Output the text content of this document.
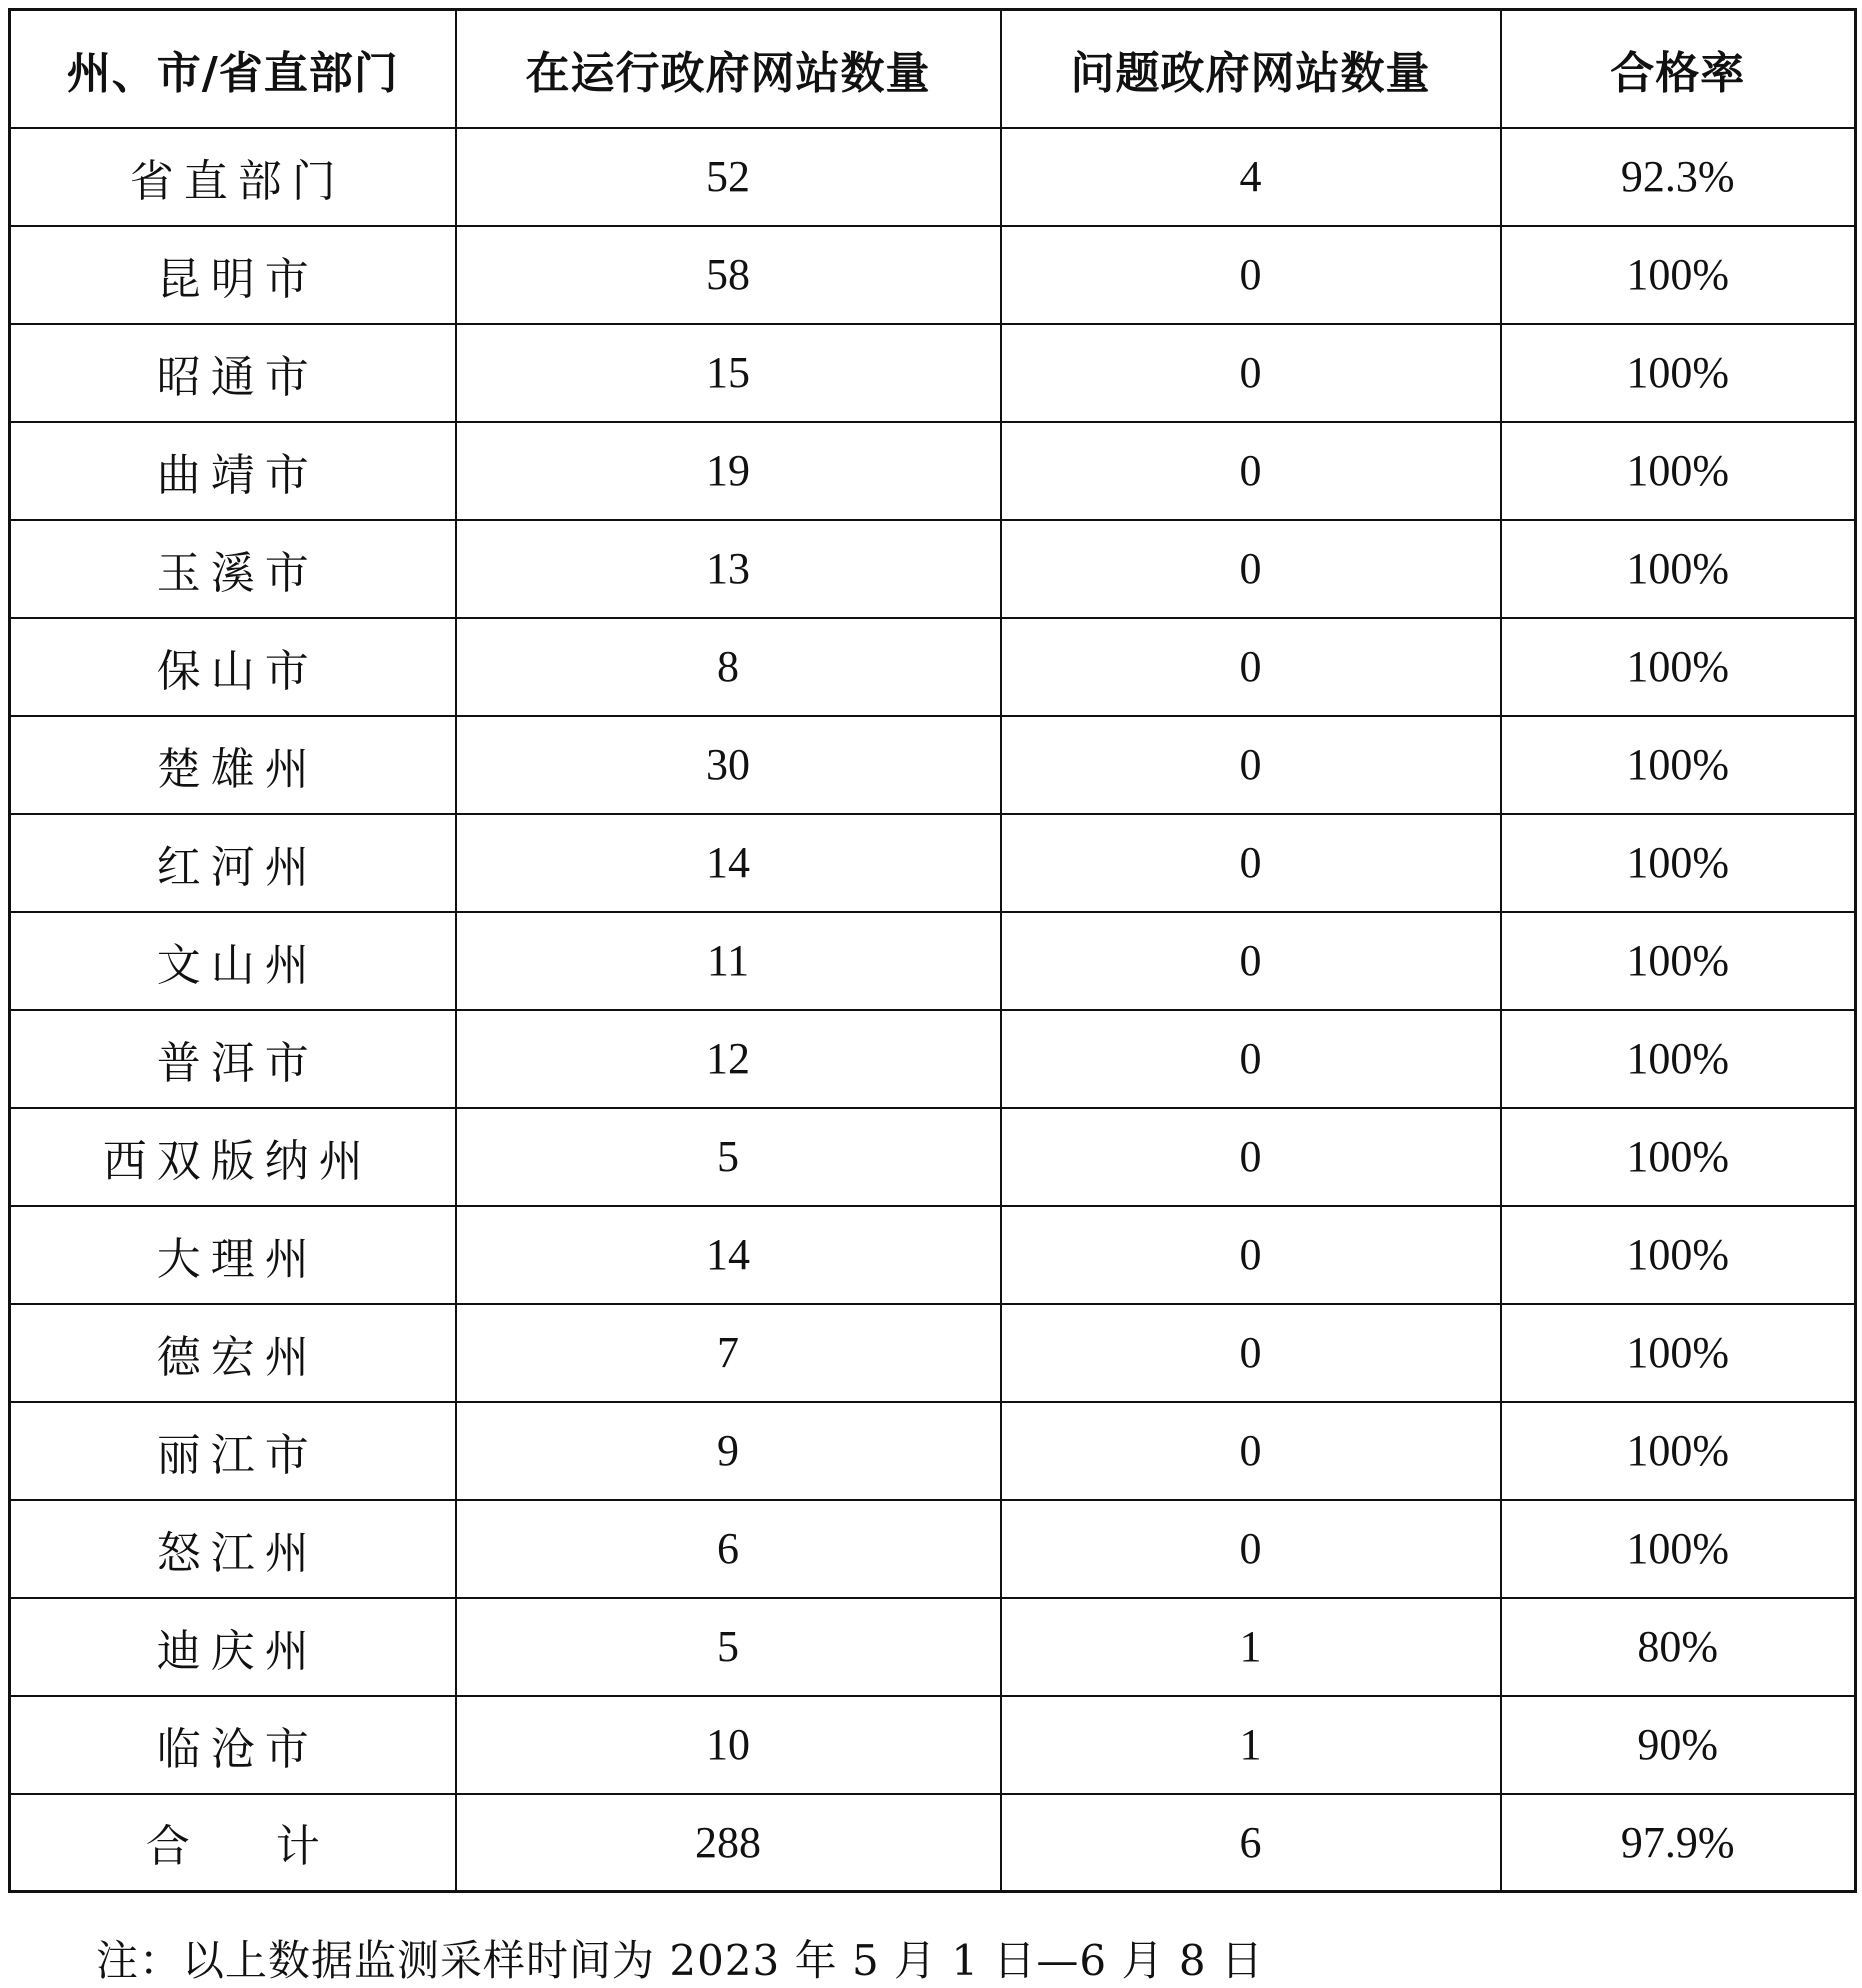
州、市/省直部门	在运行政府网站数量	问题政府网站数量	合格率
省直部门	52	4	92.3%
昆明市	58	0	100%
昭通市	15	0	100%
曲靖市	19	0	100%
玉溪市	13	0	100%
保山市	8	0	100%
楚雄州	30	0	100%
红河州	14	0	100%
文山州	11	0	100%
普洱市	12	0	100%
西双版纳州	5	0	100%
大理州	14	0	100%
德宏州	7	0	100%
丽江市	9	0	100%
怒江州	6	0	100%
迪庆州	5	1	80%
临沧市	10	1	90%
合 计	288	6	97.9%
注：以上数据监测采样时间为 2023 年 5 月 1 日—6 月 8 日
